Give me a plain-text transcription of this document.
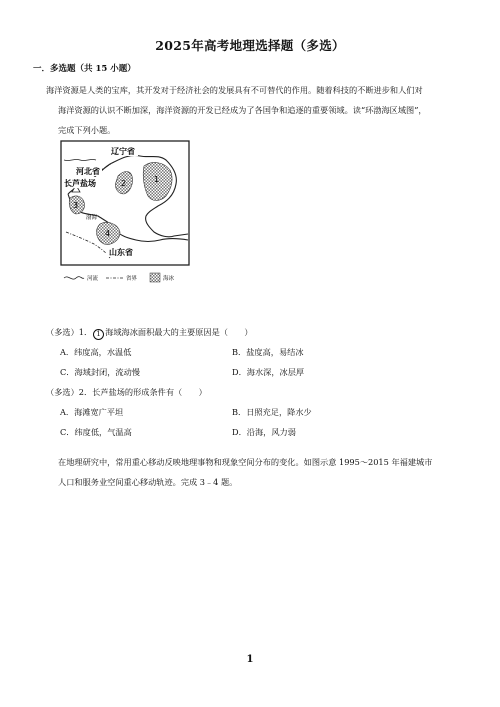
2025年高考地理选择题（多选）
一．多选题（共 15 小题）
海洋资源是人类的宝库，其开发对于经济社会的发展具有不可替代的作用。随着科技的不断进步和人们对
海洋资源的认识不断加深，海洋资源的开发已经成为了各国争和追逐的重要领域。读“环渤海区域图”，
完成下列小题。
辽宁省
河北省
长芦盐场
渤海
山东省
1
2
3
4
河流	省界	海冰
（多选）1． 1 海域海冰面积最大的主要原因是（　　）
A．纬度高，水温低	B．盐度高，易结冰
C．海域封闭，流动慢	D．海水深，冰层厚
（多选）2．长芦盐场的形成条件有（　　）
A．海滩宽广平坦	B．日照充足，降水少
C．纬度低，气温高	D．沿海，风力弱
在地理研究中，常用重心移动反映地理事物和现象空间分布的变化。如图示意 1995～2015 年福建城市
人口和服务业空间重心移动轨迹。完成 3﹣4 题。
1
